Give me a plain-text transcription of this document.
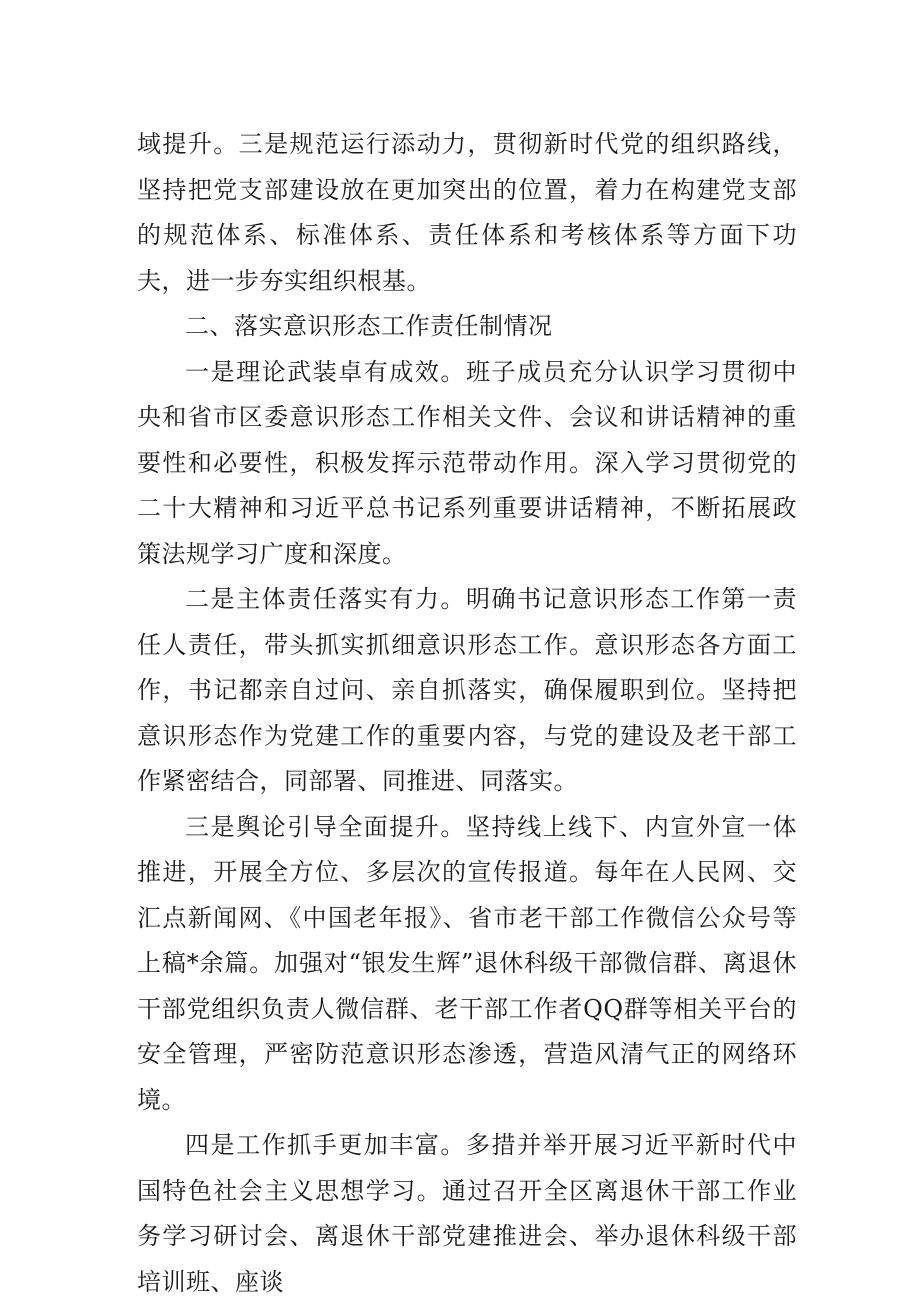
域提升。三是规范运行添动力，贯彻新时代党的组织路线，坚持把党支部建设放在更加突出的位置，着力在构建党支部的规范体系、标准体系、责任体系和考核体系等方面下功夫，进一步夯实组织根基。

二、落实意识形态工作责任制情况

一是理论武装卓有成效。班子成员充分认识学习贯彻中央和省市区委意识形态工作相关文件、会议和讲话精神的重要性和必要性，积极发挥示范带动作用。深入学习贯彻党的二十大精神和习近平总书记系列重要讲话精神，不断拓展政策法规学习广度和深度。

二是主体责任落实有力。明确书记意识形态工作第一责任人责任，带头抓实抓细意识形态工作。意识形态各方面工作，书记都亲自过问、亲自抓落实，确保履职到位。坚持把意识形态作为党建工作的重要内容，与党的建设及老干部工作紧密结合，同部署、同推进、同落实。

三是舆论引导全面提升。坚持线上线下、内宣外宣一体推进，开展全方位、多层次的宣传报道。每年在人民网、交汇点新闻网、《中国老年报》、省市老干部工作微信公众号等上稿*余篇。加强对“银发生辉”退休科级干部微信群、离退休干部党组织负责人微信群、老干部工作者QQ群等相关平台的安全管理，严密防范意识形态渗透，营造风清气正的网络环境。

四是工作抓手更加丰富。多措并举开展习近平新时代中国特色社会主义思想学习。通过召开全区离退休干部工作业务学习研讨会、离退休干部党建推进会、举办退休科级干部培训班、座谈
